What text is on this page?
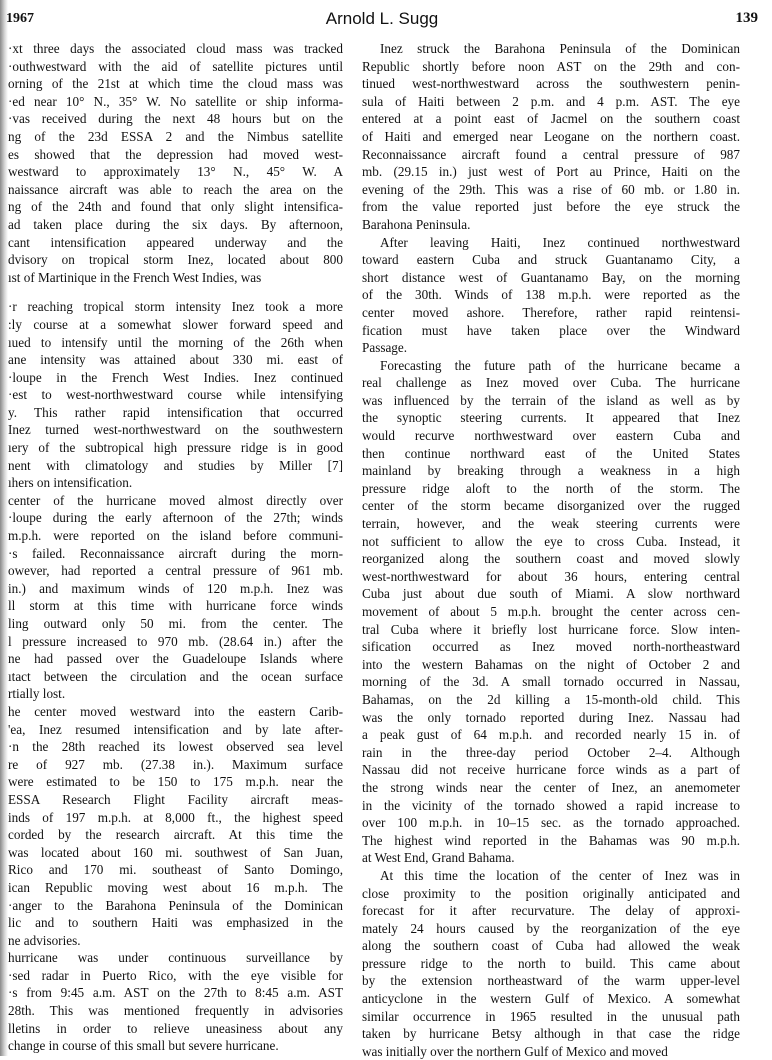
1967	Arnold L. Sugg	139

·xt three days the associated cloud mass was tracked
·outhwestward with the aid of satellite pictures until
orning of the 21st at which time the cloud mass was
·ed near 10° N., 35° W. No satellite or ship informa-
·vas received during the next 48 hours but on the
ng of the 23d ESSA 2 and the Nimbus satellite
es showed that the depression had moved west-
westward to approximately 13° N., 45° W. A
naissance aircraft was able to reach the area on the
ng of the 24th and found that only slight intensifica-
ad taken place during the six days. By afternoon,
cant intensification appeared underway and the
dvisory on tropical storm Inez, located about 800
ıst of Martinique in the French West Indies, was

·r reaching tropical storm intensity Inez took a more
:ly course at a somewhat slower forward speed and
ıued to intensify until the morning of the 26th when
ane intensity was attained about 330 mi. east of
·loupe in the French West Indies. Inez continued
·est to west-northwestward course while intensifying
y. This rather rapid intensification that occurred
Inez turned west-northwestward on the southwestern
ıery of the subtropical high pressure ridge is in good
nent with climatology and studies by Miller [7]
ıhers on intensification.

center of the hurricane moved almost directly over
·loupe during the early afternoon of the 27th; winds
m.p.h. were reported on the island before communi-
·s failed. Reconnaissance aircraft during the morn-
owever, had reported a central pressure of 961 mb.
in.) and maximum winds of 120 m.p.h. Inez was
ll storm at this time with hurricane force winds
ling outward only 50 mi. from the center. The
l pressure increased to 970 mb. (28.64 in.) after the
ne had passed over the Guadeloupe Islands where
ıtact between the circulation and the ocean surface
rtially lost.

he center moved westward into the eastern Carib-
'ea, Inez resumed intensification and by late after-
·n the 28th reached its lowest observed sea level
re of 927 mb. (27.38 in.). Maximum surface
were estimated to be 150 to 175 m.p.h. near the
ESSA Research Flight Facility aircraft meas-
inds of 197 m.p.h. at 8,000 ft., the highest speed
corded by the research aircraft. At this time the
was located about 160 mi. southwest of San Juan,
Rico and 170 mi. southeast of Santo Domingo,
ican Republic moving west about 16 m.p.h. The
·anger to the Barahona Peninsula of the Dominican
lic and to southern Haiti was emphasized in the
ne advisories.

hurricane was under continuous surveillance by
·sed radar in Puerto Rico, with the eye visible for
·s from 9:45 a.m. AST on the 27th to 8:45 a.m. AST
28th. This was mentioned frequently in advisories
lletins in order to relieve uneasiness about any
change in course of this small but severe hurricane.

Inez struck the Barahona Peninsula of the Dominican
Republic shortly before noon AST on the 29th and con-
tinued west-northwestward across the southwestern penin-
sula of Haiti between 2 p.m. and 4 p.m. AST. The eye
entered at a point east of Jacmel on the southern coast
of Haiti and emerged near Leogane on the northern coast.
Reconnaissance aircraft found a central pressure of 987
mb. (29.15 in.) just west of Port au Prince, Haiti on the
evening of the 29th. This was a rise of 60 mb. or 1.80 in.
from the value reported just before the eye struck the
Barahona Peninsula.

After leaving Haiti, Inez continued northwestward
toward eastern Cuba and struck Guantanamo City, a
short distance west of Guantanamo Bay, on the morning
of the 30th. Winds of 138 m.p.h. were reported as the
center moved ashore. Therefore, rather rapid reintensi-
fication must have taken place over the Windward
Passage.

Forecasting the future path of the hurricane became a
real challenge as Inez moved over Cuba. The hurricane
was influenced by the terrain of the island as well as by
the synoptic steering currents. It appeared that Inez
would recurve northwestward over eastern Cuba and
then continue northward east of the United States
mainland by breaking through a weakness in a high
pressure ridge aloft to the north of the storm. The
center of the storm became disorganized over the rugged
terrain, however, and the weak steering currents were
not sufficient to allow the eye to cross Cuba. Instead, it
reorganized along the southern coast and moved slowly
west-northwestward for about 36 hours, entering central
Cuba just about due south of Miami. A slow northward
movement of about 5 m.p.h. brought the center across cen-
tral Cuba where it briefly lost hurricane force. Slow inten-
sification occurred as Inez moved north-northeastward
into the western Bahamas on the night of October 2 and
morning of the 3d. A small tornado occurred in Nassau,
Bahamas, on the 2d killing a 15-month-old child. This
was the only tornado reported during Inez. Nassau had
a peak gust of 64 m.p.h. and recorded nearly 15 in. of
rain in the three-day period October 2–4. Although
Nassau did not receive hurricane force winds as a part of
the strong winds near the center of Inez, an anemometer
in the vicinity of the tornado showed a rapid increase to
over 100 m.p.h. in 10–15 sec. as the tornado approached.
The highest wind reported in the Bahamas was 90 m.p.h.
at West End, Grand Bahama.

At this time the location of the center of Inez was in
close proximity to the position originally anticipated and
forecast for it after recurvature. The delay of approxi-
mately 24 hours caused by the reorganization of the eye
along the southern coast of Cuba had allowed the weak
pressure ridge to the north to build. This came about
by the extension northeastward of the warm upper-level
anticyclone in the western Gulf of Mexico. A somewhat
similar occurrence in 1965 resulted in the unusual path
taken by hurricane Betsy although in that case the ridge
was initially over the northern Gulf of Mexico and moved
